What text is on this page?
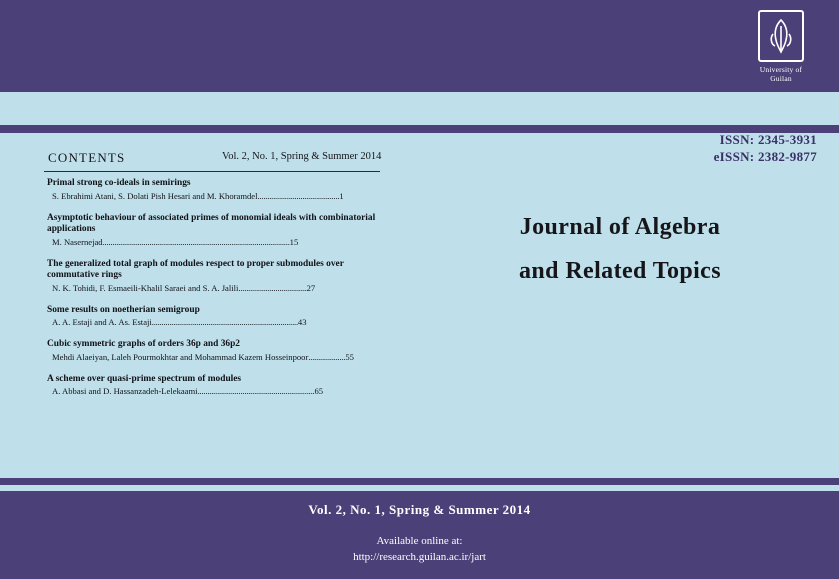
University of
Guilan
ISSN: 2345-3931
eISSN: 2382-9877
CONTENTS	Vol. 2, No. 1, Spring & Summer 2014
Primal strong co-ideals in semirings
S. Ebrahimi Atani, S. Dolati Pish Hesari and M. Khoramdel..........................................1
Asymptotic behaviour of associated primes of monomial ideals with combinatorial applications
M. Nasernejad................................................................................................15
The generalized total graph of modules respect to proper submodules over commutative rings
N. K. Tohidi, F. Esmaeili-Khalil Saraei and S. A. Jalili...................................27
Some results on noetherian semigroup
A. A. Estaji and A. As. Estaji...........................................................................43
Cubic symmetric graphs of orders 36p and 36p2
Mehdi Alaeiyan, Laleh Pourmokhtar and Mohammad Kazem Hosseinpoor...................55
A scheme over quasi-prime spectrum of modules
A. Abbasi and D. Hassanzadeh-Lelekaami............................................................65
Journal of Algebra
and Related Topics
Vol. 2, No. 1, Spring & Summer 2014
Available online at:
http://research.guilan.ac.ir/jart
